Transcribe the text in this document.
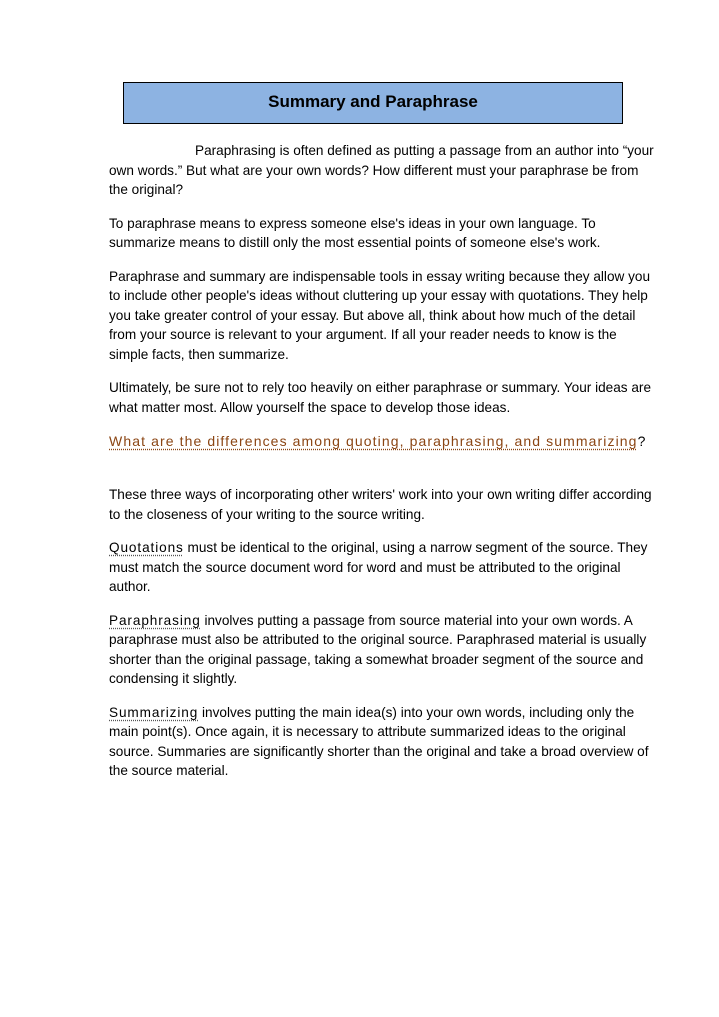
Summary and Paraphrase

Paraphrasing is often defined as putting a passage from an author into “your own words.” But what are your own words? How different must your paraphrase be from the original?

To paraphrase means to express someone else's ideas in your own language. To summarize means to distill only the most essential points of someone else's work.

Paraphrase and summary are indispensable tools in essay writing because they allow you to include other people's ideas without cluttering up your essay with quotations. They help you take greater control of your essay. But above all, think about how much of the detail from your source is relevant to your argument. If all your reader needs to know is the simple facts, then summarize.

Ultimately, be sure not to rely too heavily on either paraphrase or summary. Your ideas are what matter most. Allow yourself the space to develop those ideas.

What are the differences among quoting, paraphrasing, and summarizing?

These three ways of incorporating other writers' work into your own writing differ according to the closeness of your writing to the source writing.

Quotations must be identical to the original, using a narrow segment of the source. They must match the source document word for word and must be attributed to the original author.

Paraphrasing involves putting a passage from source material into your own words. A paraphrase must also be attributed to the original source. Paraphrased material is usually shorter than the original passage, taking a somewhat broader segment of the source and condensing it slightly.

Summarizing involves putting the main idea(s) into your own words, including only the main point(s). Once again, it is necessary to attribute summarized ideas to the original source. Summaries are significantly shorter than the original and take a broad overview of the source material.
